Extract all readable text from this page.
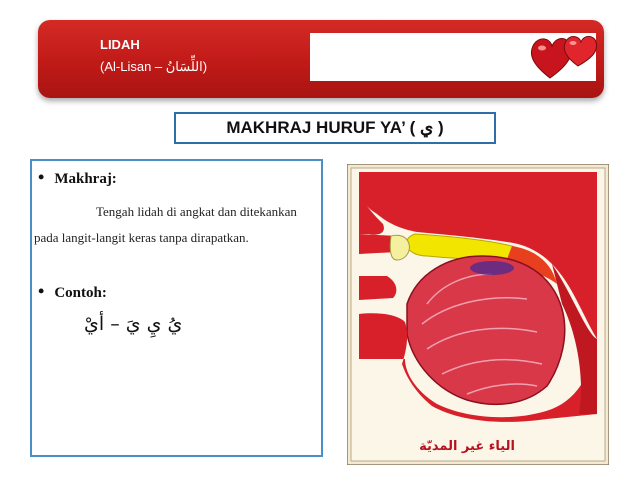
LIDAH
(Al-Lisan – اللِّسَانُ)
MAKHRAJ HURUF YA’ ( ي )
• Makhraj:
Tengah lidah di angkat dan ditekankan pada langit-langit keras tanpa dirapatkan.
• Contoh:
يُ يِ يَ – أيْ
الياء غير المديّة
